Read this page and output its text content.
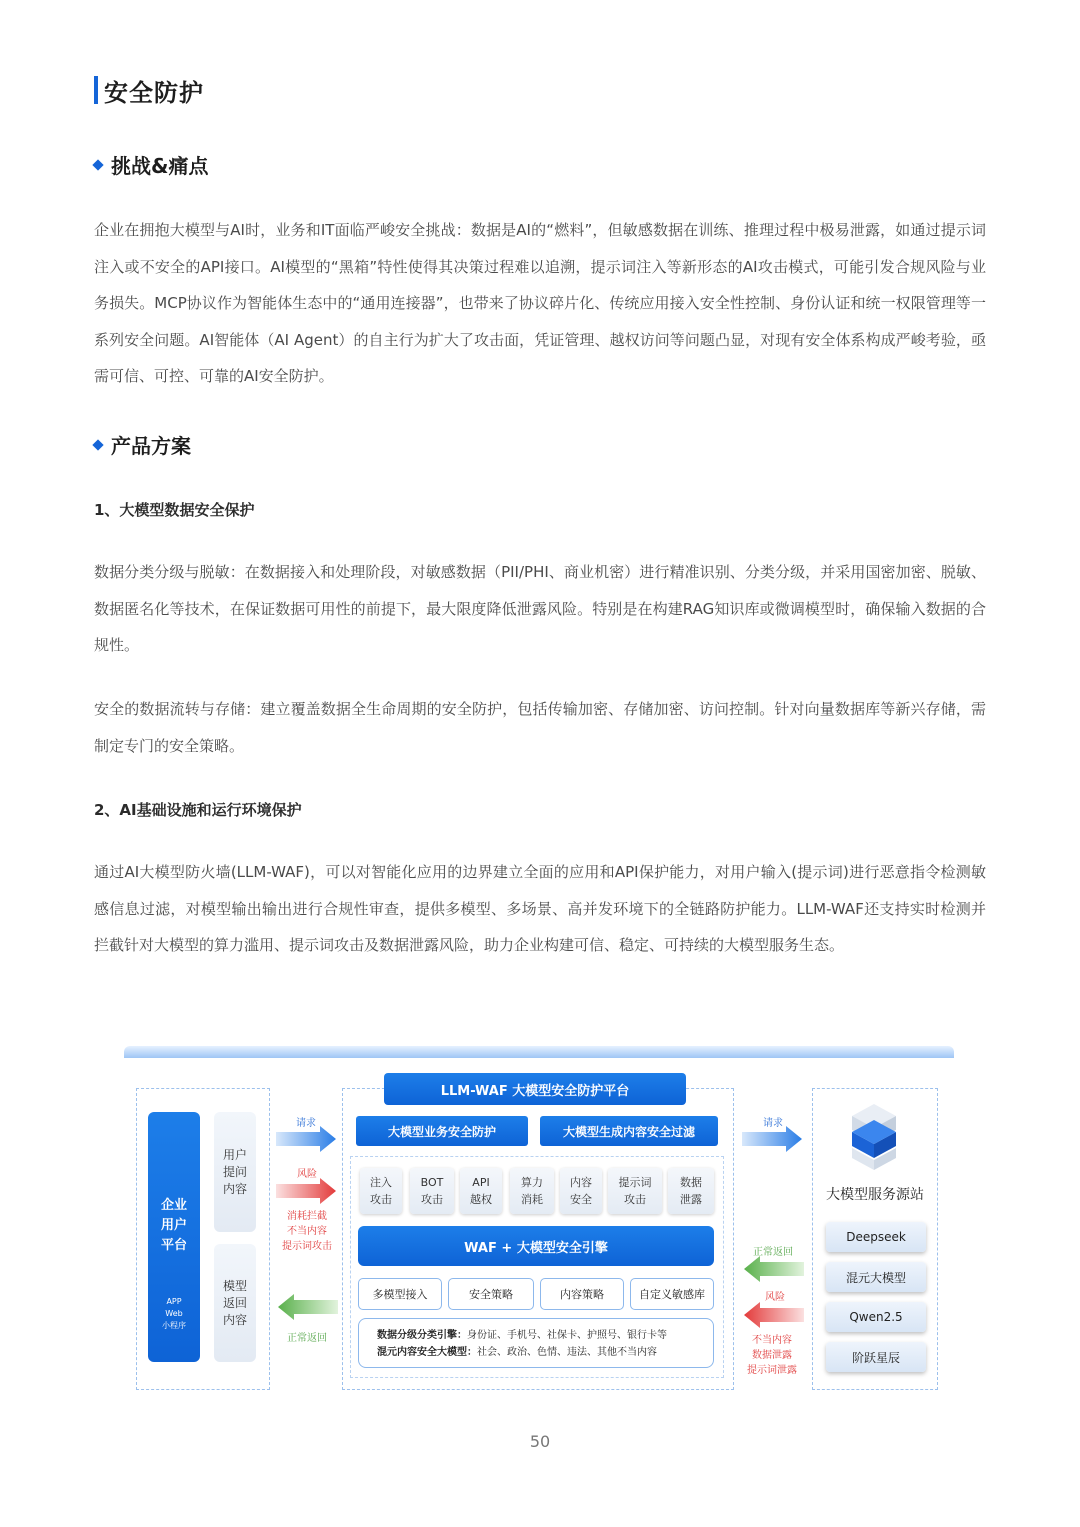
安全防护
挑战&痛点

企业在拥抱大模型与AI时，业务和IT面临严峻安全挑战：数据是AI的“燃料”，但敏感数据在训练、推理过程中极易泄露，如通过提示词注入或不安全的API接口。AI模型的“黑箱”特性使得其决策过程难以追溯，提示词注入等新形态的AI攻击模式，可能引发合规风险与业务损失。MCP协议作为智能体生态中的“通用连接器”，也带来了协议碎片化、传统应用接入安全性控制、身份认证和统一权限管理等一系列安全问题。AI智能体（AI Agent）的自主行为扩大了攻击面，凭证管理、越权访问等问题凸显，对现有安全体系构成严峻考验，亟需可信、可控、可靠的AI安全防护。

产品方案
1、大模型数据安全保护

数据分类分级与脱敏：在数据接入和处理阶段，对敏感数据（PII/PHI、商业机密）进行精准识别、分类分级，并采用国密加密、脱敏、数据匿名化等技术，在保证数据可用性的前提下，最大限度降低泄露风险。特别是在构建RAG知识库或微调模型时，确保输入数据的合规性。

安全的数据流转与存储：建立覆盖数据全生命周期的安全防护，包括传输加密、存储加密、访问控制。针对向量数据库等新兴存储，需制定专门的安全策略。

2、AI基础设施和运行环境保护

通过AI大模型防火墙(LLM-WAF)，可以对智能化应用的边界建立全面的应用和API保护能力，对用户输入(提示词)进行恶意指令检测敏感信息过滤，对模型输出输出进行合规性审查，提供多模型、多场景、高并发环境下的全链路防护能力。LLM-WAF还支持实时检测并拦截针对大模型的算力滥用、提示词攻击及数据泄露风险，助力企业构建可信、稳定、可持续的大模型服务生态。

企业
用户
平台
APP
Web
小程序
用户
提问
内容
模型
返回
内容
请求
风险
消耗拦截
不当内容
提示词攻击
正常返回
LLM-WAF 大模型安全防护平台
大模型业务安全防护	大模型生成内容安全过滤
注入
攻击
BOT
攻击
API
越权
算力
消耗
内容
安全
提示词
攻击
数据
泄露
WAF + 大模型安全引擎
多模型接入	安全策略	内容策略	自定义敏感库
数据分级分类引擎：身份证、手机号、社保卡、护照号、银行卡等
混元内容安全大模型：社会、政治、色情、违法、其他不当内容
请求
正常返回
风险
不当内容
数据泄露
提示词泄露
大模型服务源站
Deepseek
混元大模型
Qwen2.5
阶跃星辰
50
